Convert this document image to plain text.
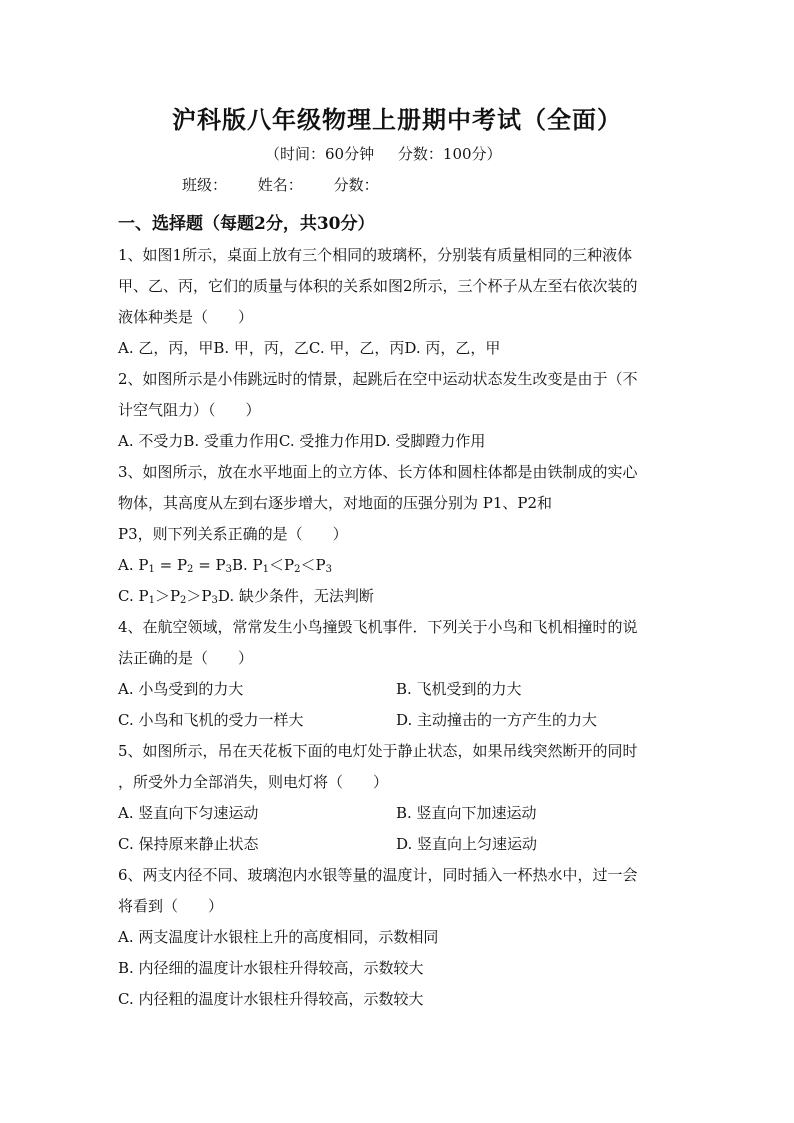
沪科版八年级物理上册期中考试（全面）
（时间：60分钟     分数：100分）
班级： 姓名： 分数：
一、选择题（每题2分，共30分）
1、如图1所示，桌面上放有三个相同的玻璃杯，分别装有质量相同的三种液体
甲、乙、丙，它们的质量与体积的关系如图2所示，三个杯子从左至右依次装的
液体种类是（　　）
A. 乙，丙，甲B. 甲，丙，乙C. 甲，乙，丙D. 丙，乙，甲
2、如图所示是小伟跳远时的情景，起跳后在空中运动状态发生改变是由于（不
计空气阻力）（　　）
A. 不受力B. 受重力作用C. 受推力作用D. 受脚蹬力作用
3、如图所示，放在水平地面上的立方体、长方体和圆柱体都是由铁制成的实心
物体，其高度从左到右逐步增大，对地面的压强分别为 P1、P2和
P3，则下列关系正确的是（　　）
A. $P_1 = P_2 = P_3B$. $P_1<P_2<P_3$
C. $P_1>P_2>P_3D$. 缺少条件，无法判断
4、在航空领域，常常发生小鸟撞毁飞机事件．下列关于小鸟和飞机相撞时的说
法正确的是（　　）
A. 小鸟受到的力大	B. 飞机受到的力大
C. 小鸟和飞机的受力一样大	D. 主动撞击的一方产生的力大
5、如图所示，吊在天花板下面的电灯处于静止状态，如果吊线突然断开的同时
，所受外力全部消失，则电灯将（　　）
A. 竖直向下匀速运动	B. 竖直向下加速运动
C. 保持原来静止状态	D. 竖直向上匀速运动
6、两支内径不同、玻璃泡内水银等量的温度计，同时插入一杯热水中，过一会
将看到（　　）
A. 两支温度计水银柱上升的高度相同，示数相同
B. 内径细的温度计水银柱升得较高，示数较大
C. 内径粗的温度计水银柱升得较高，示数较大
